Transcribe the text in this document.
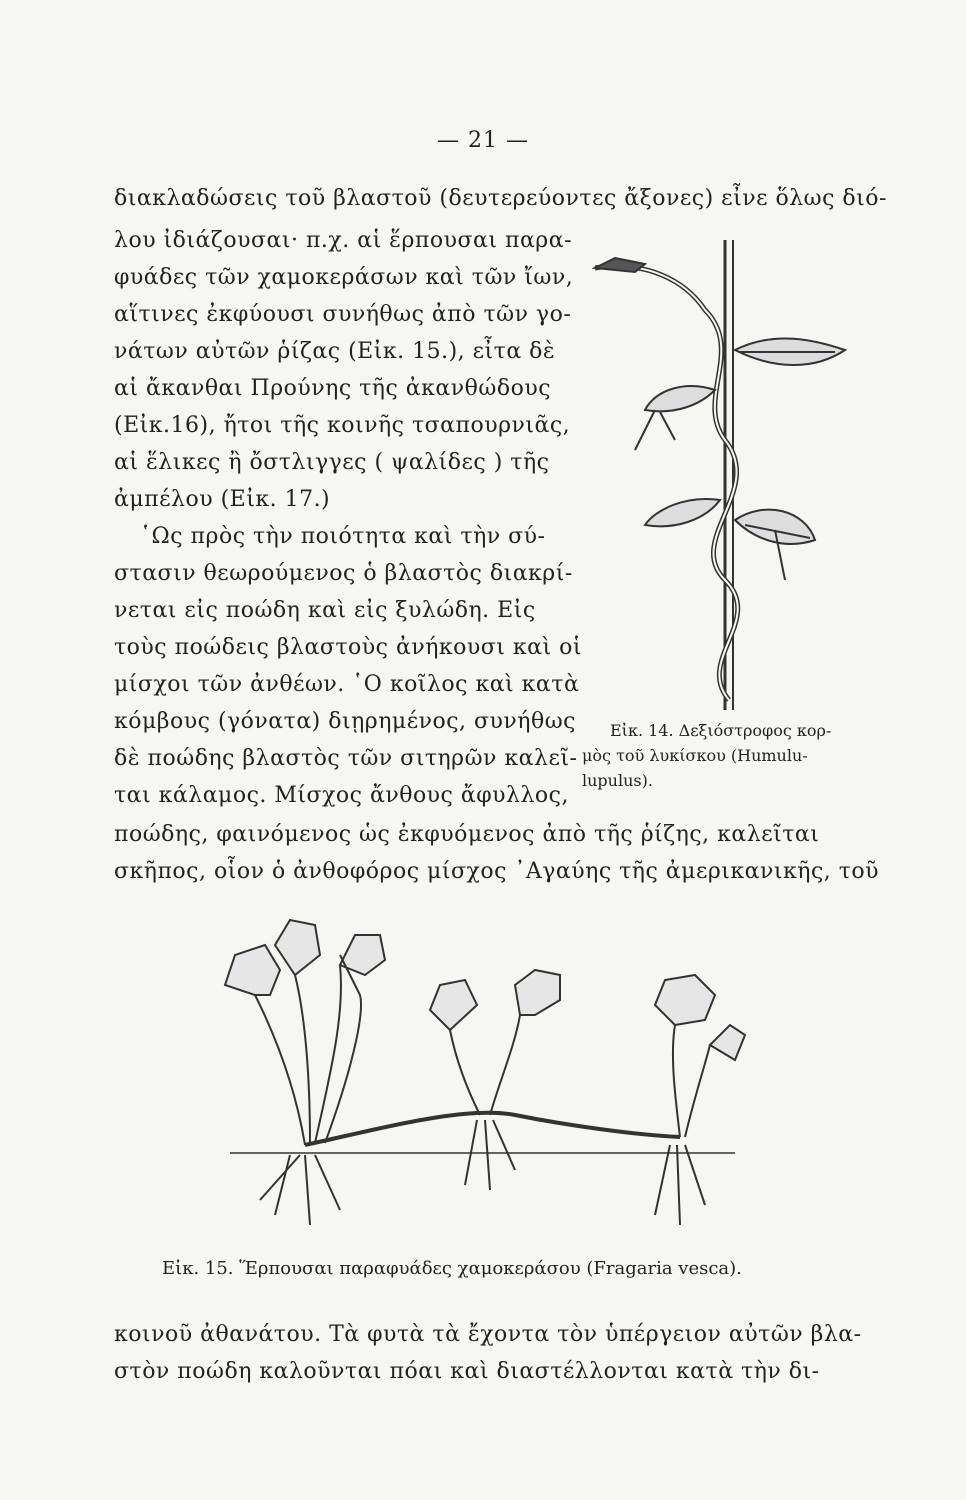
— 21 —
διακλαδώσεις τοῦ βλαστοῦ (δευτερεύοντες ἄξονες) εἶνε ὅλως διό-
λου ἰδιάζουσαι· π.χ. αἱ ἕρπουσαι παρα-
φυάδες τῶν χαμοκεράσων καὶ τῶν ἴων,
αἵτινες ἐκφύουσι συνήθως ἀπὸ τῶν γο-
νάτων αὐτῶν ῥίζας (Εἰκ. 15.), εἶτα δὲ
αἱ ἄκανθαι Προύνης τῆς ἀκανθώδους
(Εἰκ.16), ἤτοι τῆς κοινῆς τσαπουρνιᾶς,
αἱ ἕλικες ἢ ὄστλιγγες ( ψαλίδες ) τῆς
ἀμπέλου (Εἰκ. 17.)
῾Ως πρὸς τὴν ποιότητα καὶ τὴν σύ-
στασιν θεωρούμενος ὁ βλαστὸς διακρί-
νεται εἰς ποώδη καὶ εἰς ξυλώδη. Εἰς
τοὺς ποώδεις βλαστοὺς ἀνήκουσι καὶ οἱ
μίσχοι τῶν ἀνθέων. ῾Ο κοῖλος καὶ κατὰ
κόμβους (γόνατα) διῃρημένος, συνήθως
δὲ ποώδης βλαστὸς τῶν σιτηρῶν καλεῖ-
ται κάλαμος. Μίσχος ἄνθους ἄφυλλος,
ποώδης, φαινόμενος ὡς ἐκφυόμενος ἀπὸ τῆς ῥίζης, καλεῖται
σκῆπος, οἷον ὁ ἀνθοφόρος μίσχος ᾽Αγαύης τῆς ἀμερικανικῆς, τοῦ
Εἰκ. 14. Δεξιόστροφος κορ-
μὸς τοῦ λυκίσκου (Humulu-
lupulus).
Εἰκ. 15. Ἕρπουσαι παραφυάδες χαμοκεράσου (Fragaria vesca).
κοινοῦ ἀθανάτου. Τὰ φυτὰ τὰ ἔχοντα τὸν ὑπέργειον αὐτῶν βλα-
στὸν ποώδη καλοῦνται πόαι καὶ διαστέλλονται κατὰ τὴν δι-
